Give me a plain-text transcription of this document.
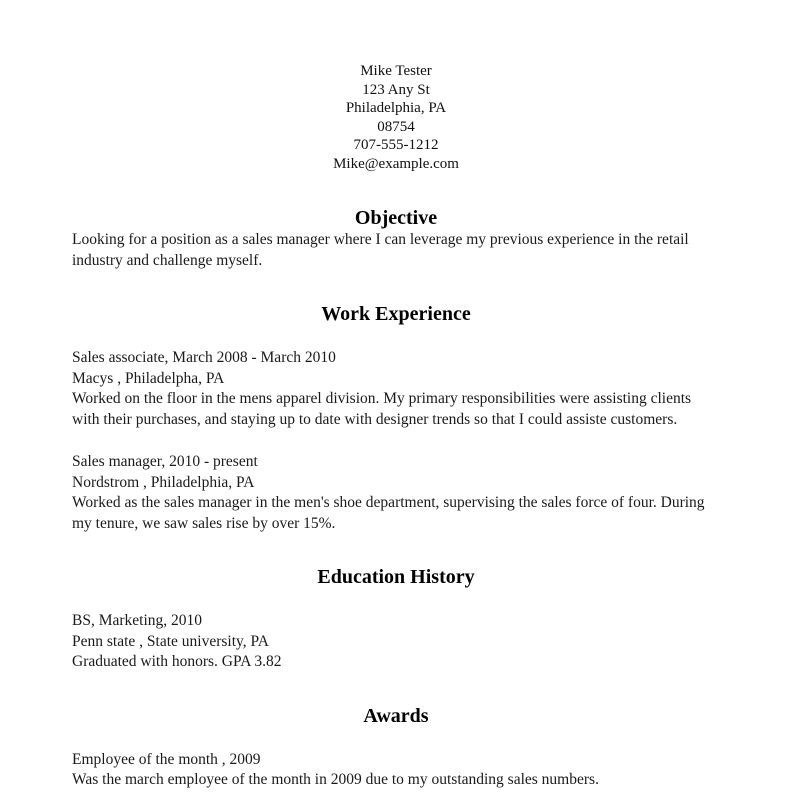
Mike Tester
123 Any St
Philadelphia, PA
08754
707-555-1212
Mike@example.com
Objective

Looking for a position as a sales manager where I can leverage my previous experience in the retail industry and challenge myself.

Work Experience
Sales associate, March 2008 - March 2010
Macys , Philadelpha, PA
Worked on the floor in the mens apparel division. My primary responsibilities were assisting clients with their purchases, and staying up to date with designer trends so that I could assiste customers.
Sales manager, 2010 - present
Nordstrom , Philadelphia, PA
Worked as the sales manager in the men's shoe department, supervising the sales force of four. During my tenure, we saw sales rise by over 15%.
Education History
BS, Marketing, 2010
Penn state , State university, PA
Graduated with honors. GPA 3.82
Awards
Employee of the month , 2009
Was the march employee of the month in 2009 due to my outstanding sales numbers.
